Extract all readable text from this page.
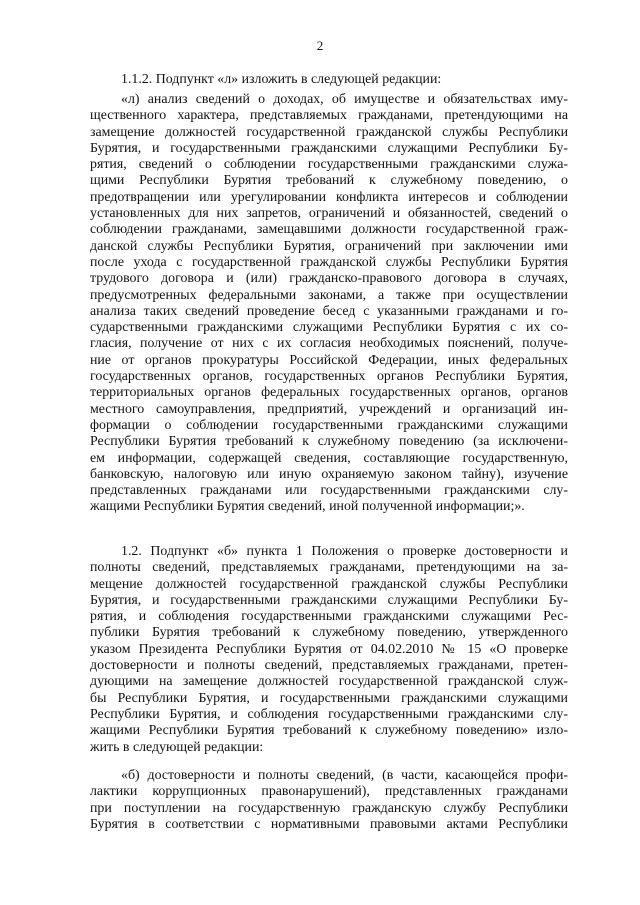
2
1.1.2. Подпункт «л» изложить в следующей редакции:
«л) анализ сведений о доходах, об имуществе и обязательствах иму-
щественного характера, представляемых гражданами, претендующими на
замещение должностей государственной гражданской службы Республики
Бурятия, и государственными гражданскими служащими Республики Бу-
рятия, сведений о соблюдении государственными гражданскими служа-
щими Республики Бурятия требований к служебному поведению, о
предотвращении или урегулировании конфликта интересов и соблюдении
установленных для них запретов, ограничений и обязанностей, сведений о
соблюдении гражданами, замещавшими должности государственной граж-
данской службы Республики Бурятия, ограничений при заключении ими
после ухода с государственной гражданской службы Республики Бурятия
трудового договора и (или) гражданско-правового договора в случаях,
предусмотренных федеральными законами, а также при осуществлении
анализа таких сведений проведение бесед с указанными гражданами и го-
сударственными гражданскими служащими Республики Бурятия с их со-
гласия, получение от них с их согласия необходимых пояснений, получе-
ние от органов прокуратуры Российской Федерации, иных федеральных
государственных органов, государственных органов Республики Бурятия,
территориальных органов федеральных государственных органов, органов
местного самоуправления, предприятий, учреждений и организаций ин-
формации о соблюдении государственными гражданскими служащими
Республики Бурятия требований к служебному поведению (за исключени-
ем информации, содержащей сведения, составляющие государственную,
банковскую, налоговую или иную охраняемую законом тайну), изучение
представленных гражданами или государственными гражданскими слу-
жащими Республики Бурятия сведений, иной полученной информации;».
1.2. Подпункт «б» пункта 1 Положения о проверке достоверности и
полноты сведений, представляемых гражданами, претендующими на за-
мещение должностей государственной гражданской службы Республики
Бурятия, и государственными гражданскими служащими Республики Бу-
рятия, и соблюдения государственными гражданскими служащими Рес-
публики Бурятия требований к служебному поведению, утвержденного
указом Президента Республики Бурятия от 04.02.2010 № 15 «О проверке
достоверности и полноты сведений, представляемых гражданами, претен-
дующими на замещение должностей государственной гражданской служ-
бы Республики Бурятия, и государственными гражданскими служащими
Республики Бурятия, и соблюдения государственными гражданскими слу-
жащими Республики Бурятия требований к служебному поведению» изло-
жить в следующей редакции:
«б) достоверности и полноты сведений, (в части, касающейся профи-
лактики коррупционных правонарушений), представленных гражданами
при поступлении на государственную гражданскую службу Республики
Бурятия в соответствии с нормативными правовыми актами Республики
